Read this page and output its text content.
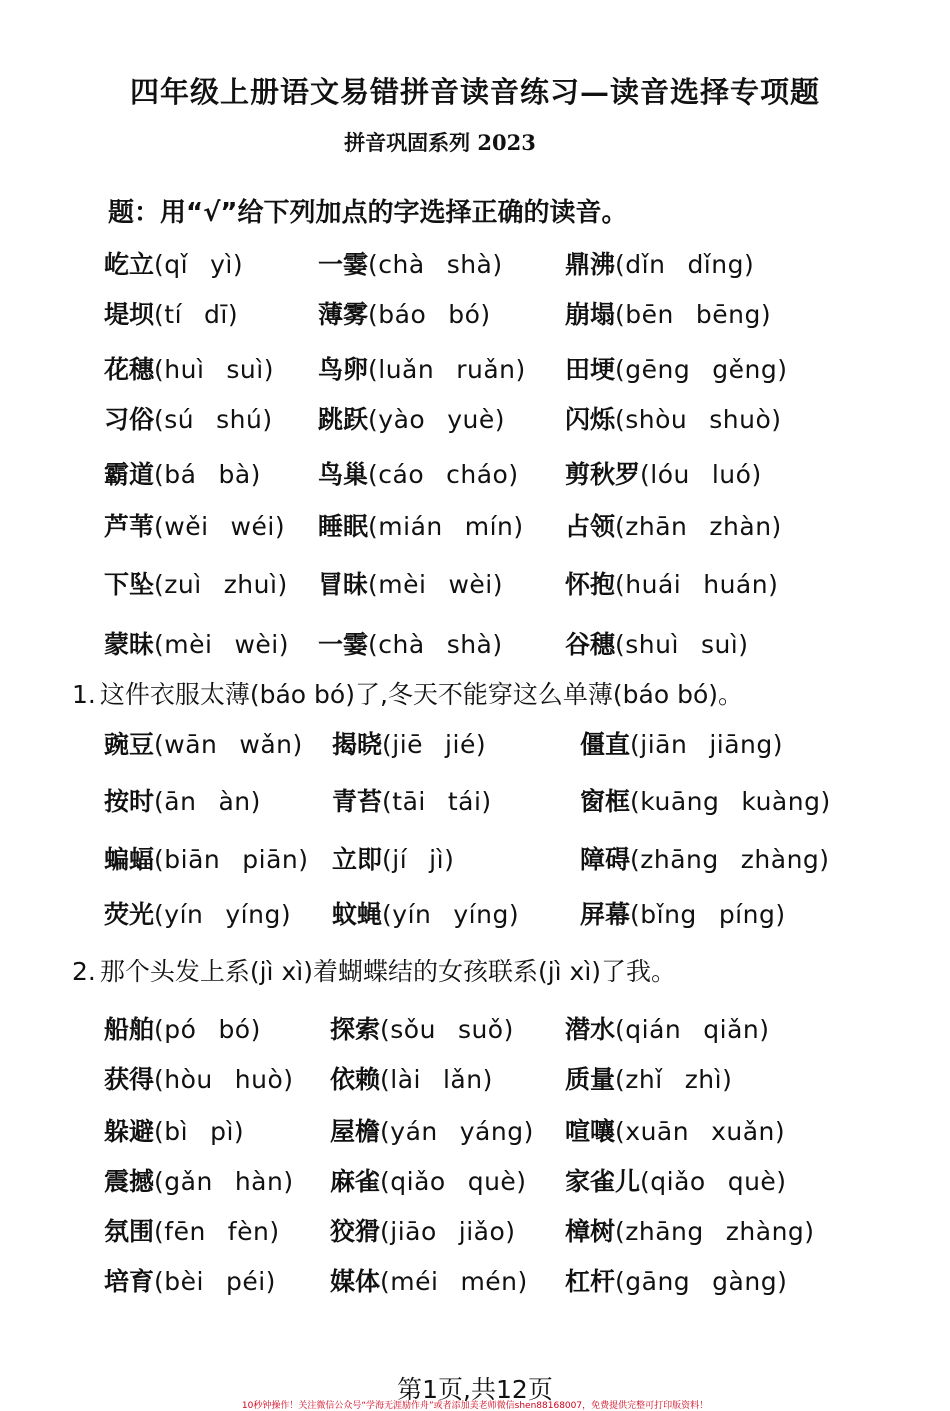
四年级上册语文易错拼音读音练习—读音选择专项题
拼音巩固系列 2023
题：用“√”给下列加点的字选择正确的读音。
屹立(qǐ yì)	一霎(chà shà) 鼎沸(dǐn dǐng)
堤坝(tí dī)	薄雾(báo bó)	崩塌(bēn bēng)
花穗(huì suì) 鸟卵(luǎn ruǎn) 田埂(gēng gěng)
习俗(sú shú) 跳跃(yào yuè) 闪烁(shòu shuò)
霸道(bá bà) 鸟巢(cáo cháo) 剪秋罗(lóu luó)
芦苇(wěi wéi) 睡眠(mián mín) 占领(zhān zhàn)
下坠(zuì zhuì) 冒昧(mèi wèi) 怀抱(huái huán)
蒙昧(mèi wèi) 一霎(chà shà) 谷穗(shuì suì)
1. 这件衣服太薄(báo bó)了,冬天不能穿这么单薄(báo bó)。
豌豆(wān wǎn) 揭晓(jiē jié)	僵直(jiān jiāng)
按时(ān àn)	青苔(tāi tái)	窗框(kuāng kuàng)
蝙蝠(biān piān) 立即(jí jì)	障碍(zhāng zhàng)
荧光(yín yíng) 蚊蝇(yín yíng) 屏幕(bǐng píng)
2. 那个头发上系(jì xì)着蝴蝶结的女孩联系(jì xì)了我。
船舶(pó bó)	探索(sǒu suǒ) 潜水(qián qiǎn)
获得(hòu huò) 依赖(lài lǎn)	质量(zhǐ zhì)
躲避(bì pì)	屋檐(yán yáng) 喧嚷(xuān xuǎn)
震撼(gǎn hàn) 麻雀(qiǎo què) 家雀儿(qiǎo què)
氛围(fēn fèn) 狡猾(jiāo jiǎo) 樟树(zhāng zhàng)
培育(bèi péi) 媒体(méi mén) 杠杆(gāng gàng)
第1页,共12页
10秒钟操作！关注微信公众号“学海无涯励作舟”或者添加美老师微信shen88168007，免费提供完整可打印版资料！
